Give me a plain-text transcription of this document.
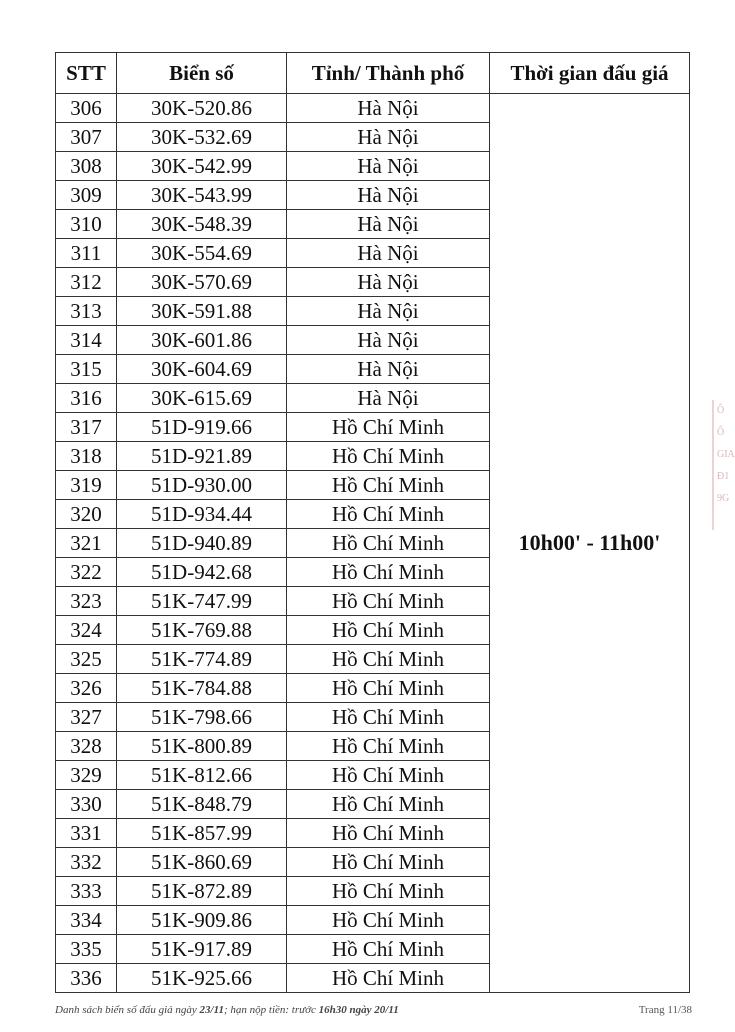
STT	Biển số	Tỉnh/ Thành phố	Thời gian đấu giá
306	30K-520.86	Hà Nội	10h00' - 11h00'
307	30K-532.69	Hà Nội	
308	30K-542.99	Hà Nội	
309	30K-543.99	Hà Nội	
310	30K-548.39	Hà Nội	
311	30K-554.69	Hà Nội	
312	30K-570.69	Hà Nội	
313	30K-591.88	Hà Nội	
314	30K-601.86	Hà Nội	
315	30K-604.69	Hà Nội	
316	30K-615.69	Hà Nội	
317	51D-919.66	Hồ Chí Minh	
318	51D-921.89	Hồ Chí Minh	
319	51D-930.00	Hồ Chí Minh	
320	51D-934.44	Hồ Chí Minh	
321	51D-940.89	Hồ Chí Minh	
322	51D-942.68	Hồ Chí Minh	
323	51K-747.99	Hồ Chí Minh	
324	51K-769.88	Hồ Chí Minh	
325	51K-774.89	Hồ Chí Minh	
326	51K-784.88	Hồ Chí Minh	
327	51K-798.66	Hồ Chí Minh	
328	51K-800.89	Hồ Chí Minh	
329	51K-812.66	Hồ Chí Minh	
330	51K-848.79	Hồ Chí Minh	
331	51K-857.99	Hồ Chí Minh	
332	51K-860.69	Hồ Chí Minh	
333	51K-872.89	Hồ Chí Minh	
334	51K-909.86	Hồ Chí Minh	
335	51K-917.89	Hồ Chí Minh	
336	51K-925.66	Hồ Chí Minh	
Danh sách biển số đấu giá ngày 23/11; hạn nộp tiền: trước 16h30 ngày 20/11	Trang 11/38
Ô
Ô
GIA
Đ1
9G
